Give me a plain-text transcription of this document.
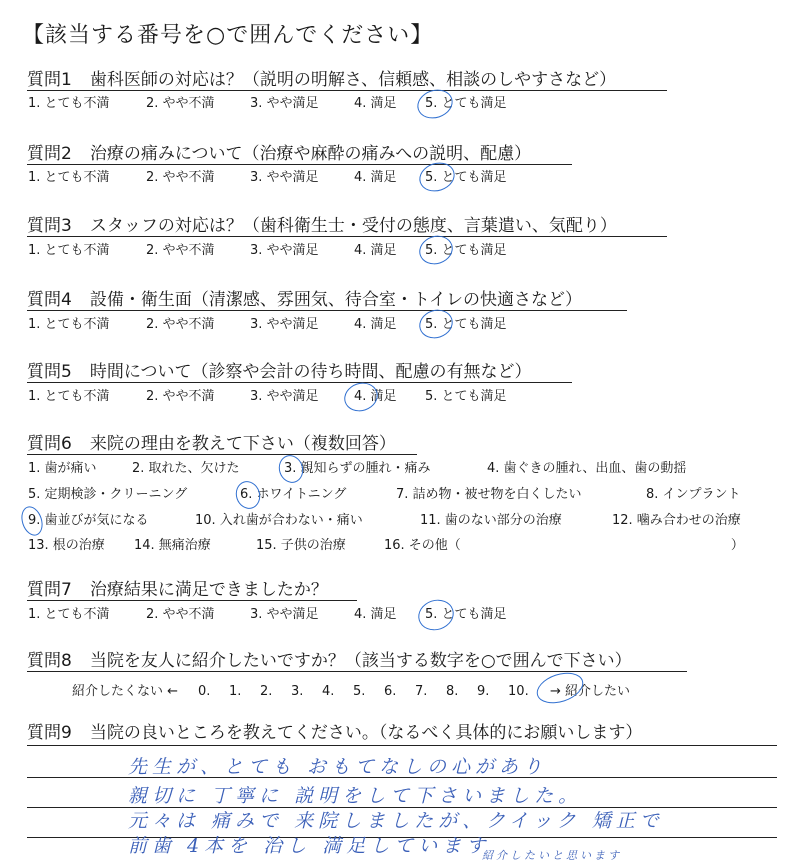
【該当する番号を○で囲んでください】
質問1 歯科医師の対応は？（説明の明解さ、信頼感、相談のしやすさなど）
1. とても不満	2. やや不満	3. やや満足	4. 満足 5. とても満足
質問2 治療の痛みについて（治療や麻酔の痛みへの説明、配慮）
1. とても不満	2. やや不満	3. やや満足	4. 満足 5. とても満足
質問3 スタッフの対応は？（歯科衛生士・受付の態度、言葉遣い、気配り）
1. とても不満	2. やや不満	3. やや満足	4. 満足 5. とても満足
質問4 設備・衛生面（清潔感、雰囲気、待合室・トイレの快適さなど）
1. とても不満	2. やや不満	3. やや満足	4. 満足 5. とても満足
質問5 時間について（診察や会計の待ち時間、配慮の有無など）
1. とても不満	2. やや不満	3. やや満足	4. 満足 5. とても満足
質問6 来院の理由を教えて下さい（複数回答）
1. 歯が痛い	2. 取れた、欠けた	3. 親知らずの腫れ・痛み	4. 歯ぐきの腫れ、出血、歯の動揺
5. 定期検診・クリーニング	6. ホワイトニング	7. 詰め物・被せ物を白くしたい	8. インプラント
9. 歯並びが気になる	10. 入れ歯が合わない・痛い	11. 歯のない部分の治療	12. 噛み合わせの治療
13. 根の治療 14. 無痛治療	15. 子供の治療	16. その他（	）
質問7 治療結果に満足できましたか？
1. とても不満	2. やや不満	3. やや満足	4. 満足 5. とても満足
質問8 当院を友人に紹介したいですか？（該当する数字を○で囲んで下さい）
紹介したくない ← 0. 1. 2. 3. 4. 5. 6. 7. 8. 9. 10. → 紹介したい
質問9 当院の良いところを教えてください。（なるべく具体的にお願いします）
先生が、とても おもてなしの心があり
親切に 丁寧に 説明をして下さいました。
元々は 痛みで 来院しましたが、クイック 矯正で
前歯 4本を 治し 満足しています
紹介したいと思います
